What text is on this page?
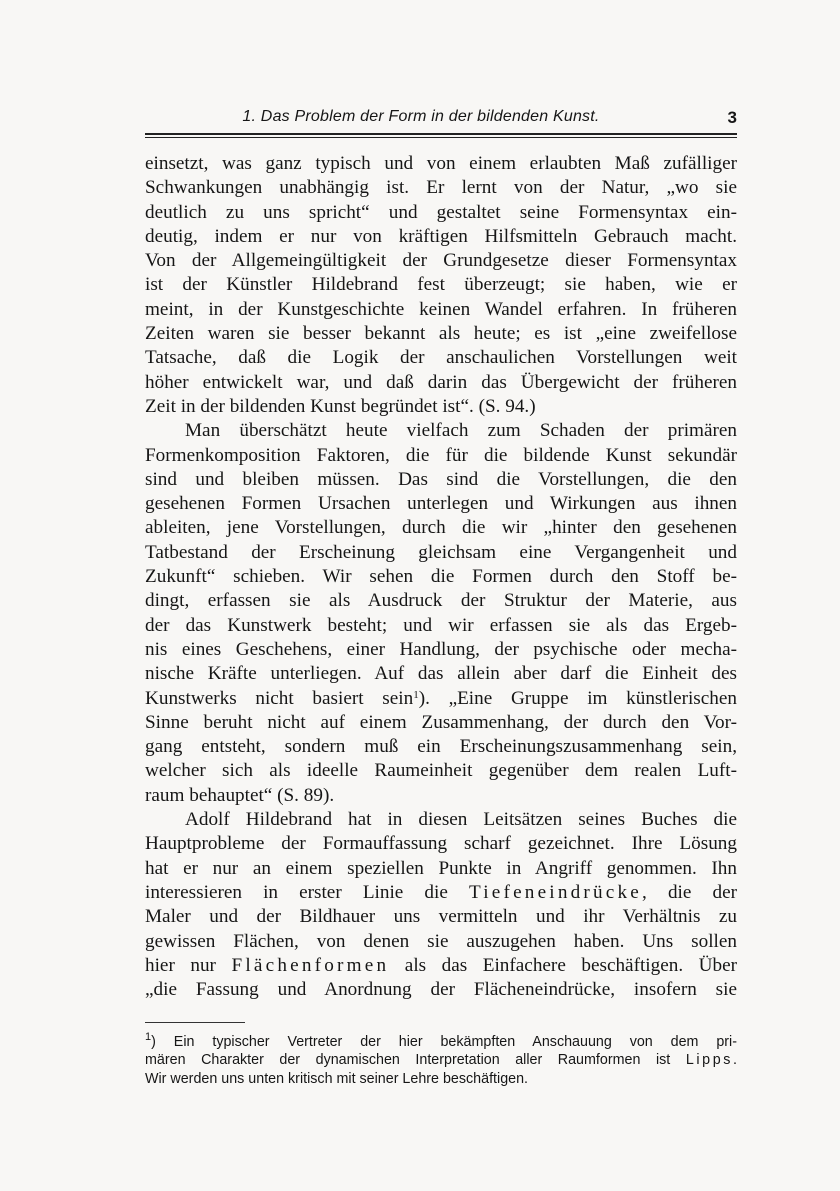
1. Das Problem der Form in der bildenden Kunst.	3
einsetzt, was ganz typisch und von einem erlaubten Maß zufälliger
Schwankungen unabhängig ist. Er lernt von der Natur, „wo sie
deutlich zu uns spricht“ und gestaltet seine Formensyntax ein-
deutig, indem er nur von kräftigen Hilfsmitteln Gebrauch macht.
Von der Allgemeingültigkeit der Grundgesetze dieser Formensyntax
ist der Künstler Hildebrand fest überzeugt; sie haben, wie er
meint, in der Kunstgeschichte keinen Wandel erfahren. In früheren
Zeiten waren sie besser bekannt als heute; es ist „eine zweifellose
Tatsache, daß die Logik der anschaulichen Vorstellungen weit
höher entwickelt war, und daß darin das Übergewicht der früheren
Zeit in der bildenden Kunst begründet ist“. (S. 94.)
Man überschätzt heute vielfach zum Schaden der primären
Formenkomposition Faktoren, die für die bildende Kunst sekundär
sind und bleiben müssen. Das sind die Vorstellungen, die den
gesehenen Formen Ursachen unterlegen und Wirkungen aus ihnen
ableiten, jene Vorstellungen, durch die wir „hinter den gesehenen
Tatbestand der Erscheinung gleichsam eine Vergangenheit und
Zukunft“ schieben. Wir sehen die Formen durch den Stoff be-
dingt, erfassen sie als Ausdruck der Struktur der Materie, aus
der das Kunstwerk besteht; und wir erfassen sie als das Ergeb-
nis eines Geschehens, einer Handlung, der psychische oder mecha-
nische Kräfte unterliegen. Auf das allein aber darf die Einheit des
Kunstwerks nicht basiert sein$^1$). „Eine Gruppe im künstlerischen
Sinne beruht nicht auf einem Zusammenhang, der durch den Vor-
gang entsteht, sondern muß ein Erscheinungszusammenhang sein,
welcher sich als ideelle Raumeinheit gegenüber dem realen Luft-
raum behauptet“ (S. 89).
Adolf Hildebrand hat in diesen Leitsätzen seines Buches die
Hauptprobleme der Formauffassung scharf gezeichnet. Ihre Lösung
hat er nur an einem speziellen Punkte in Angriff genommen. Ihn
interessieren in erster Linie die Tiefeneindrücke, die der
Maler und der Bildhauer uns vermitteln und ihr Verhältnis zu
gewissen Flächen, von denen sie auszugehen haben. Uns sollen
hier nur Flächenformen als das Einfachere beschäftigen. Über
„die Fassung und Anordnung der Flächeneindrücke, insofern sie
$^1$) Ein typischer Vertreter der hier bekämpften Anschauung von dem pri-
mären Charakter der dynamischen Interpretation aller Raumformen ist Lipps.
Wir werden uns unten kritisch mit seiner Lehre beschäftigen.
